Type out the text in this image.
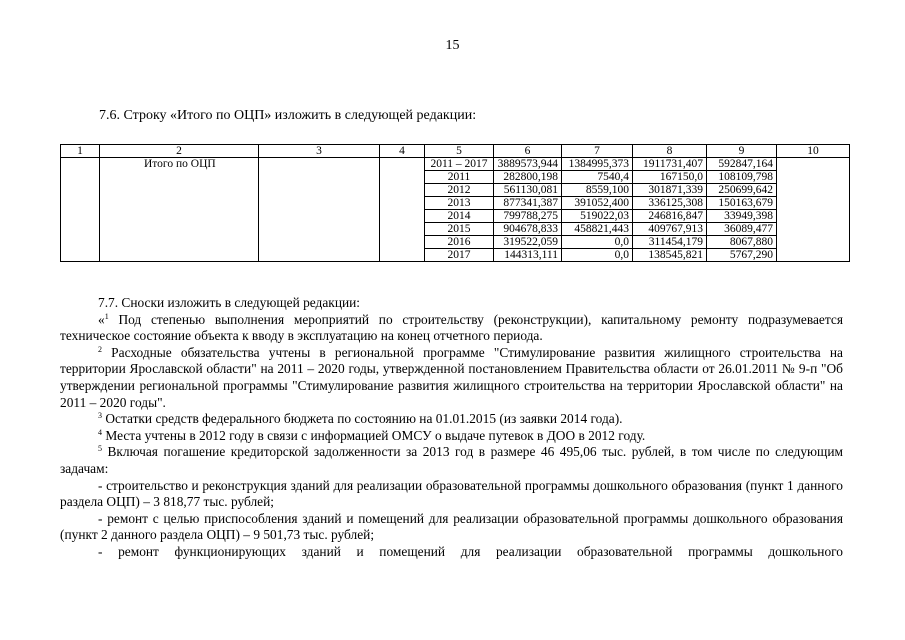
15
7.6. Строку «Итого по ОЦП» изложить в следующей редакции:
1	2	3	4	5	6	7	8	9	10
	Итого по ОЦП			2011 – 2017	3889573,944	1384995,373	1911731,407	592847,164	
				2011	282800,198	7540,4	167150,0	108109,798	
				2012	561130,081	8559,100	301871,339	250699,642	
				2013	877341,387	391052,400	336125,308	150163,679	
				2014	799788,275	519022,03	246816,847	33949,398	
				2015	904678,833	458821,443	409767,913	36089,477	
				2016	319522,059	0,0	311454,179	8067,880	
				2017	144313,111	0,0	138545,821	5767,290	

7.7. Сноски изложить в следующей редакции:

«$^1$ Под степенью выполнения мероприятий по строительству (реконструкции), капитальному ремонту подразумевается техническое состояние объекта к вводу в эксплуатацию на конец отчетного периода.

$^2$ Расходные обязательства учтены в региональной программе "Стимулирование развития жилищного строительства на территории Ярославской области" на 2011 – 2020 годы, утвержденной постановлением Правительства области от 26.01.2011 № 9-п "Об утверждении региональной программы "Стимулирование развития жилищного строительства на территории Ярославской области" на 2011 – 2020 годы".

$^3$ Остатки средств федерального бюджета по состоянию на 01.01.2015 (из заявки 2014 года).

$^4$ Места учтены в 2012 году в связи с информацией ОМСУ о выдаче путевок в ДОО в 2012 году.

$^5$ Включая погашение кредиторской задолженности за 2013 год в размере 46 495,06 тыс. рублей, в том числе по следующим задачам:

- строительство и реконструкция зданий для реализации образовательной программы дошкольного образования (пункт 1 данного раздела ОЦП) – 3 818,77 тыс. рублей;

- ремонт с целью приспособления зданий и помещений для реализации образовательной программы дошкольного образования (пункт 2 данного раздела ОЦП) – 9 501,73 тыс. рублей;

- ремонт функционирующих зданий и помещений для реализации образовательной программы дошкольного
